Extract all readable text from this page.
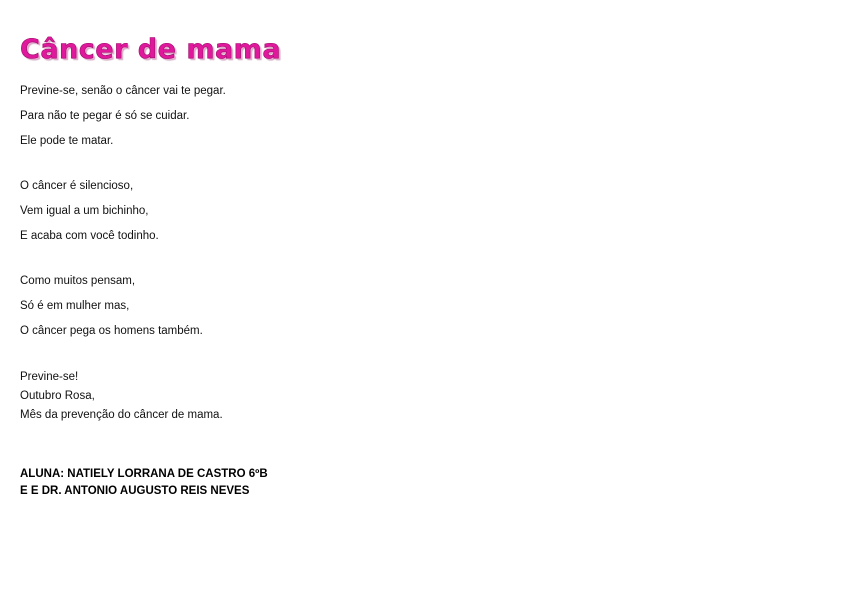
Câncer de mama

Previne-se, senão o câncer vai te pegar.

Para não te pegar é só se cuidar.

Ele pode te matar.

O câncer é silencioso,

Vem igual a um bichinho,

E acaba com você todinho.

Como muitos pensam,

Só é em mulher mas,

O câncer pega os homens também.

Previne-se!

Outubro Rosa,

Mês da prevenção do câncer de mama.

ALUNA: NATIELY LORRANA DE CASTRO 6ºB
E E DR. ANTONIO AUGUSTO REIS NEVES
